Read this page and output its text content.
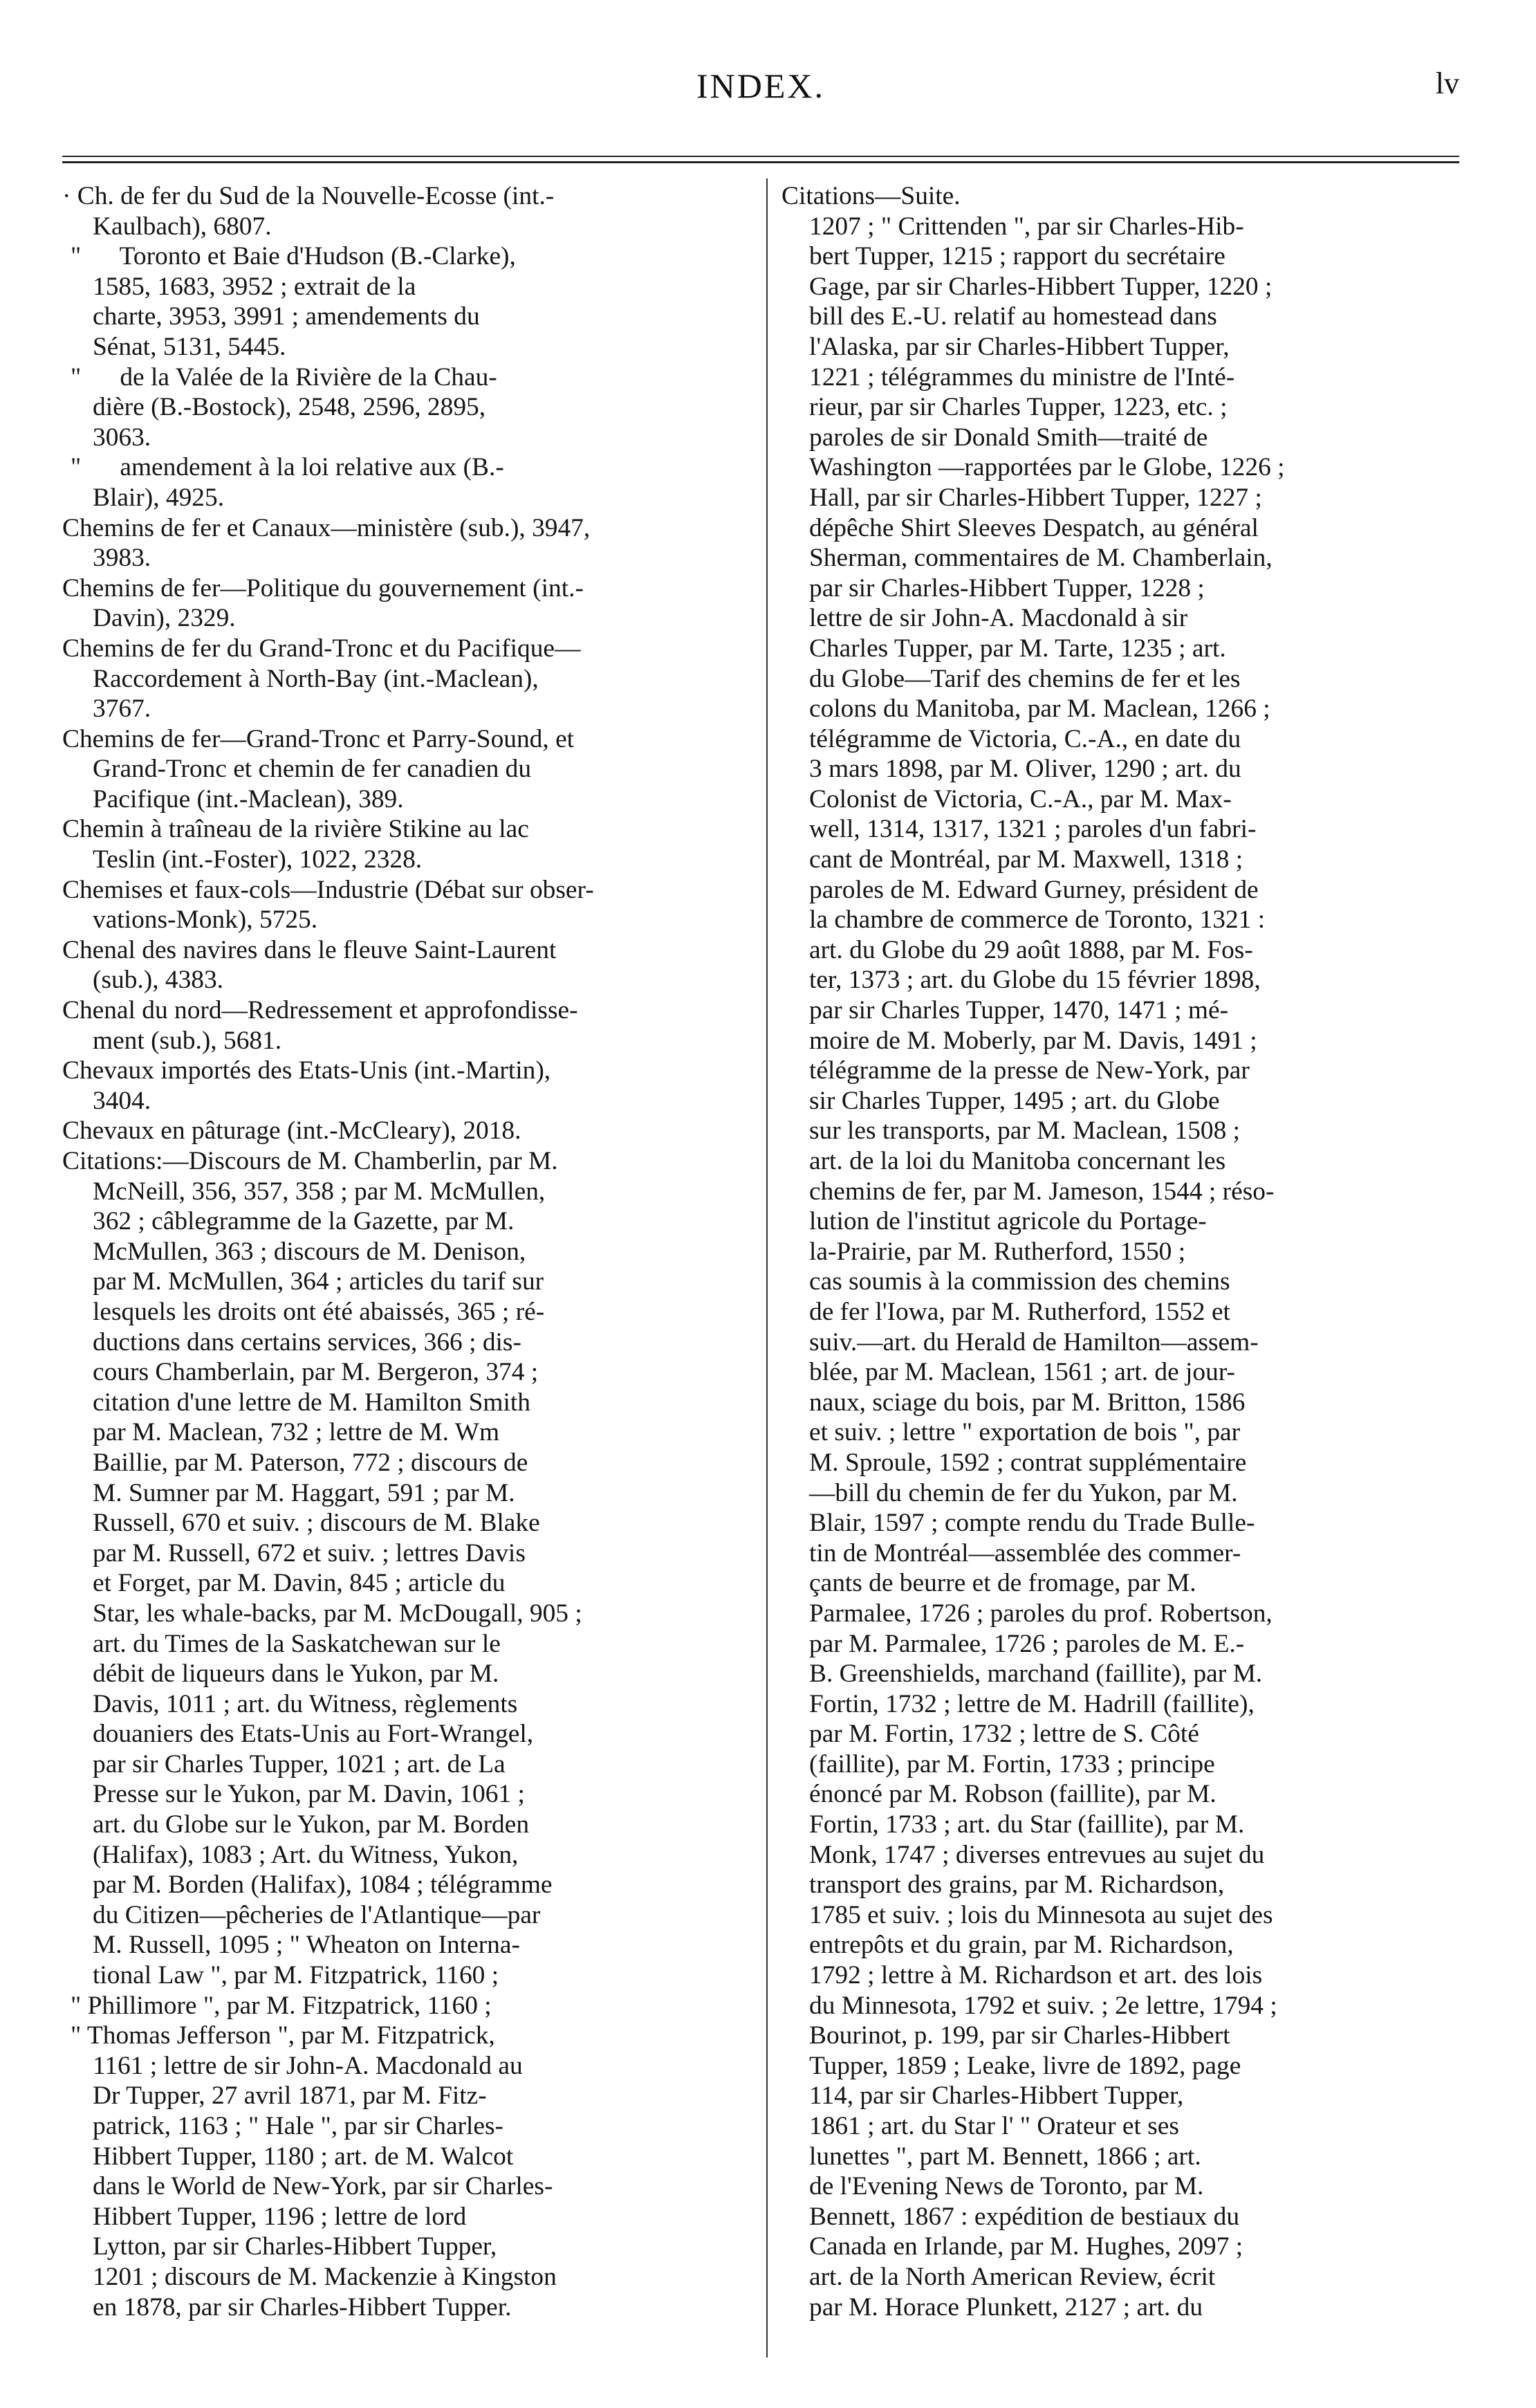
INDEX.	lv
· Ch. de fer du Sud de la Nouvelle-Ecosse (int.-
Kaulbach), 6807.
"      Toronto et Baie d'Hudson (B.-Clarke),
1585, 1683, 3952 ; extrait de la
charte, 3953, 3991 ; amendements du
Sénat, 5131, 5445.
"      de la Valée de la Rivière de la Chau-
dière (B.-Bostock), 2548, 2596, 2895,
3063.
"      amendement à la loi relative aux (B.-
Blair), 4925.
Chemins de fer et Canaux—ministère (sub.), 3947,
3983.
Chemins de fer—Politique du gouvernement (int.-
Davin), 2329.
Chemins de fer du Grand-Tronc et du Pacifique—
Raccordement à North-Bay (int.-Maclean),
3767.
Chemins de fer—Grand-Tronc et Parry-Sound, et
Grand-Tronc et chemin de fer canadien du
Pacifique (int.-Maclean), 389.
Chemin à traîneau de la rivière Stikine au lac
Teslin (int.-Foster), 1022, 2328.
Chemises et faux-cols—Industrie (Débat sur obser-
vations-Monk), 5725.
Chenal des navires dans le fleuve Saint-Laurent
(sub.), 4383.
Chenal du nord—Redressement et approfondisse-
ment (sub.), 5681.
Chevaux importés des Etats-Unis (int.-Martin),
3404.
Chevaux en pâturage (int.-McCleary), 2018.
Citations:—Discours de M. Chamberlin, par M.
McNeill, 356, 357, 358 ; par M. McMullen,
362 ; câblegramme de la Gazette, par M.
McMullen, 363 ; discours de M. Denison,
par M. McMullen, 364 ; articles du tarif sur
lesquels les droits ont été abaissés, 365 ; ré-
ductions dans certains services, 366 ; dis-
cours Chamberlain, par M. Bergeron, 374 ;
citation d'une lettre de M. Hamilton Smith
par M. Maclean, 732 ; lettre de M. Wm
Baillie, par M. Paterson, 772 ; discours de
M. Sumner par M. Haggart, 591 ; par M.
Russell, 670 et suiv. ; discours de M. Blake
par M. Russell, 672 et suiv. ; lettres Davis
et Forget, par M. Davin, 845 ; article du
Star, les whale-backs, par M. McDougall, 905 ;
art. du Times de la Saskatchewan sur le
débit de liqueurs dans le Yukon, par M.
Davis, 1011 ; art. du Witness, règlements
douaniers des Etats-Unis au Fort-Wrangel,
par sir Charles Tupper, 1021 ; art. de La
Presse sur le Yukon, par M. Davin, 1061 ;
art. du Globe sur le Yukon, par M. Borden
(Halifax), 1083 ; Art. du Witness, Yukon,
par M. Borden (Halifax), 1084 ; télégramme
du Citizen—pêcheries de l'Atlantique—par
M. Russell, 1095 ; " Wheaton on Interna-
tional Law ", par M. Fitzpatrick, 1160 ;
" Phillimore ", par M. Fitzpatrick, 1160 ;
" Thomas Jefferson ", par M. Fitzpatrick,
1161 ; lettre de sir John-A. Macdonald au
Dr Tupper, 27 avril 1871, par M. Fitz-
patrick, 1163 ; " Hale ", par sir Charles-
Hibbert Tupper, 1180 ; art. de M. Walcot
dans le World de New-York, par sir Charles-
Hibbert Tupper, 1196 ; lettre de lord
Lytton, par sir Charles-Hibbert Tupper,
1201 ; discours de M. Mackenzie à Kingston
en 1878, par sir Charles-Hibbert Tupper.
Citations—Suite.
1207 ; " Crittenden ", par sir Charles-Hib-
bert Tupper, 1215 ; rapport du secrétaire
Gage, par sir Charles-Hibbert Tupper, 1220 ;
bill des E.-U. relatif au homestead dans
l'Alaska, par sir Charles-Hibbert Tupper,
1221 ; télégrammes du ministre de l'Inté-
rieur, par sir Charles Tupper, 1223, etc. ;
paroles de sir Donald Smith—traité de
Washington —rapportées par le Globe, 1226 ;
Hall, par sir Charles-Hibbert Tupper, 1227 ;
dépêche Shirt Sleeves Despatch, au général
Sherman, commentaires de M. Chamberlain,
par sir Charles-Hibbert Tupper, 1228 ;
lettre de sir John-A. Macdonald à sir
Charles Tupper, par M. Tarte, 1235 ; art.
du Globe—Tarif des chemins de fer et les
colons du Manitoba, par M. Maclean, 1266 ;
télégramme de Victoria, C.-A., en date du
3 mars 1898, par M. Oliver, 1290 ; art. du
Colonist de Victoria, C.-A., par M. Max-
well, 1314, 1317, 1321 ; paroles d'un fabri-
cant de Montréal, par M. Maxwell, 1318 ;
paroles de M. Edward Gurney, président de
la chambre de commerce de Toronto, 1321 :
art. du Globe du 29 août 1888, par M. Fos-
ter, 1373 ; art. du Globe du 15 février 1898,
par sir Charles Tupper, 1470, 1471 ; mé-
moire de M. Moberly, par M. Davis, 1491 ;
télégramme de la presse de New-York, par
sir Charles Tupper, 1495 ; art. du Globe
sur les transports, par M. Maclean, 1508 ;
art. de la loi du Manitoba concernant les
chemins de fer, par M. Jameson, 1544 ; réso-
lution de l'institut agricole du Portage-
la-Prairie, par M. Rutherford, 1550 ;
cas soumis à la commission des chemins
de fer l'Iowa, par M. Rutherford, 1552 et
suiv.—art. du Herald de Hamilton—assem-
blée, par M. Maclean, 1561 ; art. de jour-
naux, sciage du bois, par M. Britton, 1586
et suiv. ; lettre " exportation de bois ", par
M. Sproule, 1592 ; contrat supplémentaire
—bill du chemin de fer du Yukon, par M.
Blair, 1597 ; compte rendu du Trade Bulle-
tin de Montréal—assemblée des commer-
çants de beurre et de fromage, par M.
Parmalee, 1726 ; paroles du prof. Robertson,
par M. Parmalee, 1726 ; paroles de M. E.-
B. Greenshields, marchand (faillite), par M.
Fortin, 1732 ; lettre de M. Hadrill (faillite),
par M. Fortin, 1732 ; lettre de S. Côté
(faillite), par M. Fortin, 1733 ; principe
énoncé par M. Robson (faillite), par M.
Fortin, 1733 ; art. du Star (faillite), par M.
Monk, 1747 ; diverses entrevues au sujet du
transport des grains, par M. Richardson,
1785 et suiv. ; lois du Minnesota au sujet des
entrepôts et du grain, par M. Richardson,
1792 ; lettre à M. Richardson et art. des lois
du Minnesota, 1792 et suiv. ; 2e lettre, 1794 ;
Bourinot, p. 199, par sir Charles-Hibbert
Tupper, 1859 ; Leake, livre de 1892, page
114, par sir Charles-Hibbert Tupper,
1861 ; art. du Star l' " Orateur et ses
lunettes ", part M. Bennett, 1866 ; art.
de l'Evening News de Toronto, par M.
Bennett, 1867 : expédition de bestiaux du
Canada en Irlande, par M. Hughes, 2097 ;
art. de la North American Review, écrit
par M. Horace Plunkett, 2127 ; art. du
